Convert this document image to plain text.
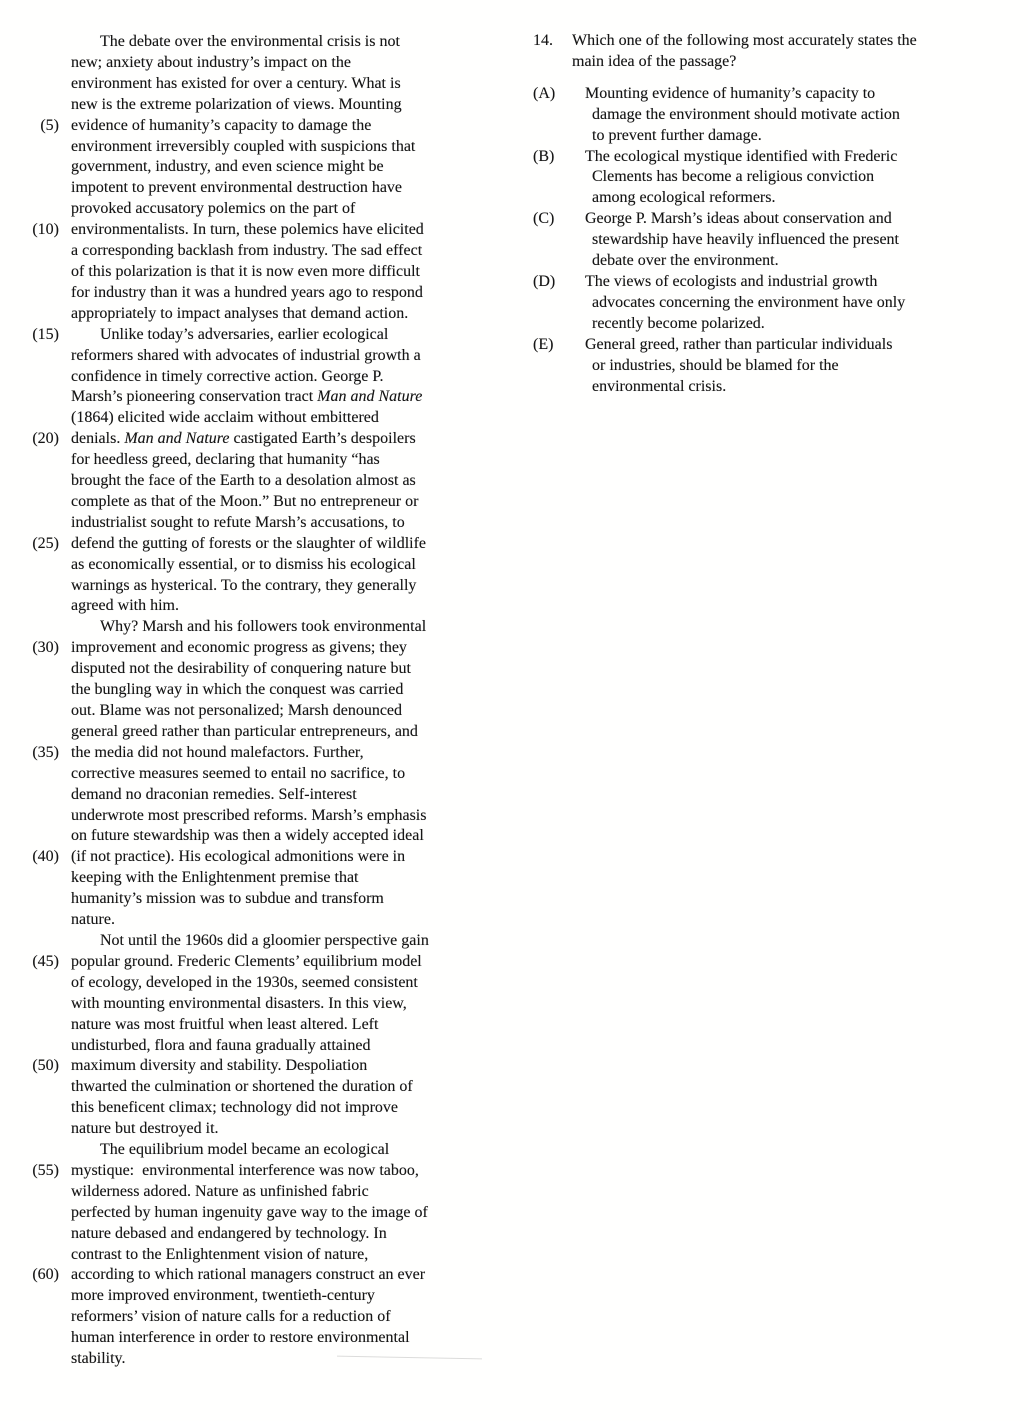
The debate over the environmental crisis is not
new; anxiety about industry’s impact on the
environment has existed for over a century. What is
new is the extreme polarization of views. Mounting
(5) evidence of humanity’s capacity to damage the
environment irreversibly coupled with suspicions that
government, industry, and even science might be
impotent to prevent environmental destruction have
provoked accusatory polemics on the part of
(10) environmentalists. In turn, these polemics have elicited
a corresponding backlash from industry. The sad effect
of this polarization is that it is now even more difficult
for industry than it was a hundred years ago to respond
appropriately to impact analyses that demand action.
(15)	Unlike today’s adversaries, earlier ecological
reformers shared with advocates of industrial growth a
confidence in timely corrective action. George P.
Marsh’s pioneering conservation tract Man and Nature
(1864) elicited wide acclaim without embittered
(20) denials. Man and Nature castigated Earth’s despoilers
for heedless greed, declaring that humanity “has
brought the face of the Earth to a desolation almost as
complete as that of the Moon.” But no entrepreneur or
industrialist sought to refute Marsh’s accusations, to
(25) defend the gutting of forests or the slaughter of wildlife
as economically essential, or to dismiss his ecological
warnings as hysterical. To the contrary, they generally
agreed with him.
Why? Marsh and his followers took environmental
(30) improvement and economic progress as givens; they
disputed not the desirability of conquering nature but
the bungling way in which the conquest was carried
out. Blame was not personalized; Marsh denounced
general greed rather than particular entrepreneurs, and
(35) the media did not hound malefactors. Further,
corrective measures seemed to entail no sacrifice, to
demand no draconian remedies. Self-interest
underwrote most prescribed reforms. Marsh’s emphasis
on future stewardship was then a widely accepted ideal
(40) (if not practice). His ecological admonitions were in
keeping with the Enlightenment premise that
humanity’s mission was to subdue and transform
nature.
Not until the 1960s did a gloomier perspective gain
(45) popular ground. Frederic Clements’ equilibrium model
of ecology, developed in the 1930s, seemed consistent
with mounting environmental disasters. In this view,
nature was most fruitful when least altered. Left
undisturbed, flora and fauna gradually attained
(50) maximum diversity and stability. Despoliation
thwarted the culmination or shortened the duration of
this beneficent climax; technology did not improve
nature but destroyed it.
The equilibrium model became an ecological
(55) mystique:  environmental interference was now taboo,
wilderness adored. Nature as unfinished fabric
perfected by human ingenuity gave way to the image of
nature debased and endangered by technology. In
contrast to the Enlightenment vision of nature,
(60) according to which rational managers construct an ever
more improved environment, twentieth-century
reformers’ vision of nature calls for a reduction of
human interference in order to restore environmental
stability.
14.	Which one of the following most accurately states the
main idea of the passage?
(A)	Mounting evidence of humanity’s capacity to
damage the environment should motivate action
to prevent further damage.
(B)	The ecological mystique identified with Frederic
Clements has become a religious conviction
among ecological reformers.
(C)	George P. Marsh’s ideas about conservation and
stewardship have heavily influenced the present
debate over the environment.
(D)	The views of ecologists and industrial growth
advocates concerning the environment have only
recently become polarized.
(E)	General greed, rather than particular individuals
or industries, should be blamed for the
environmental crisis.
